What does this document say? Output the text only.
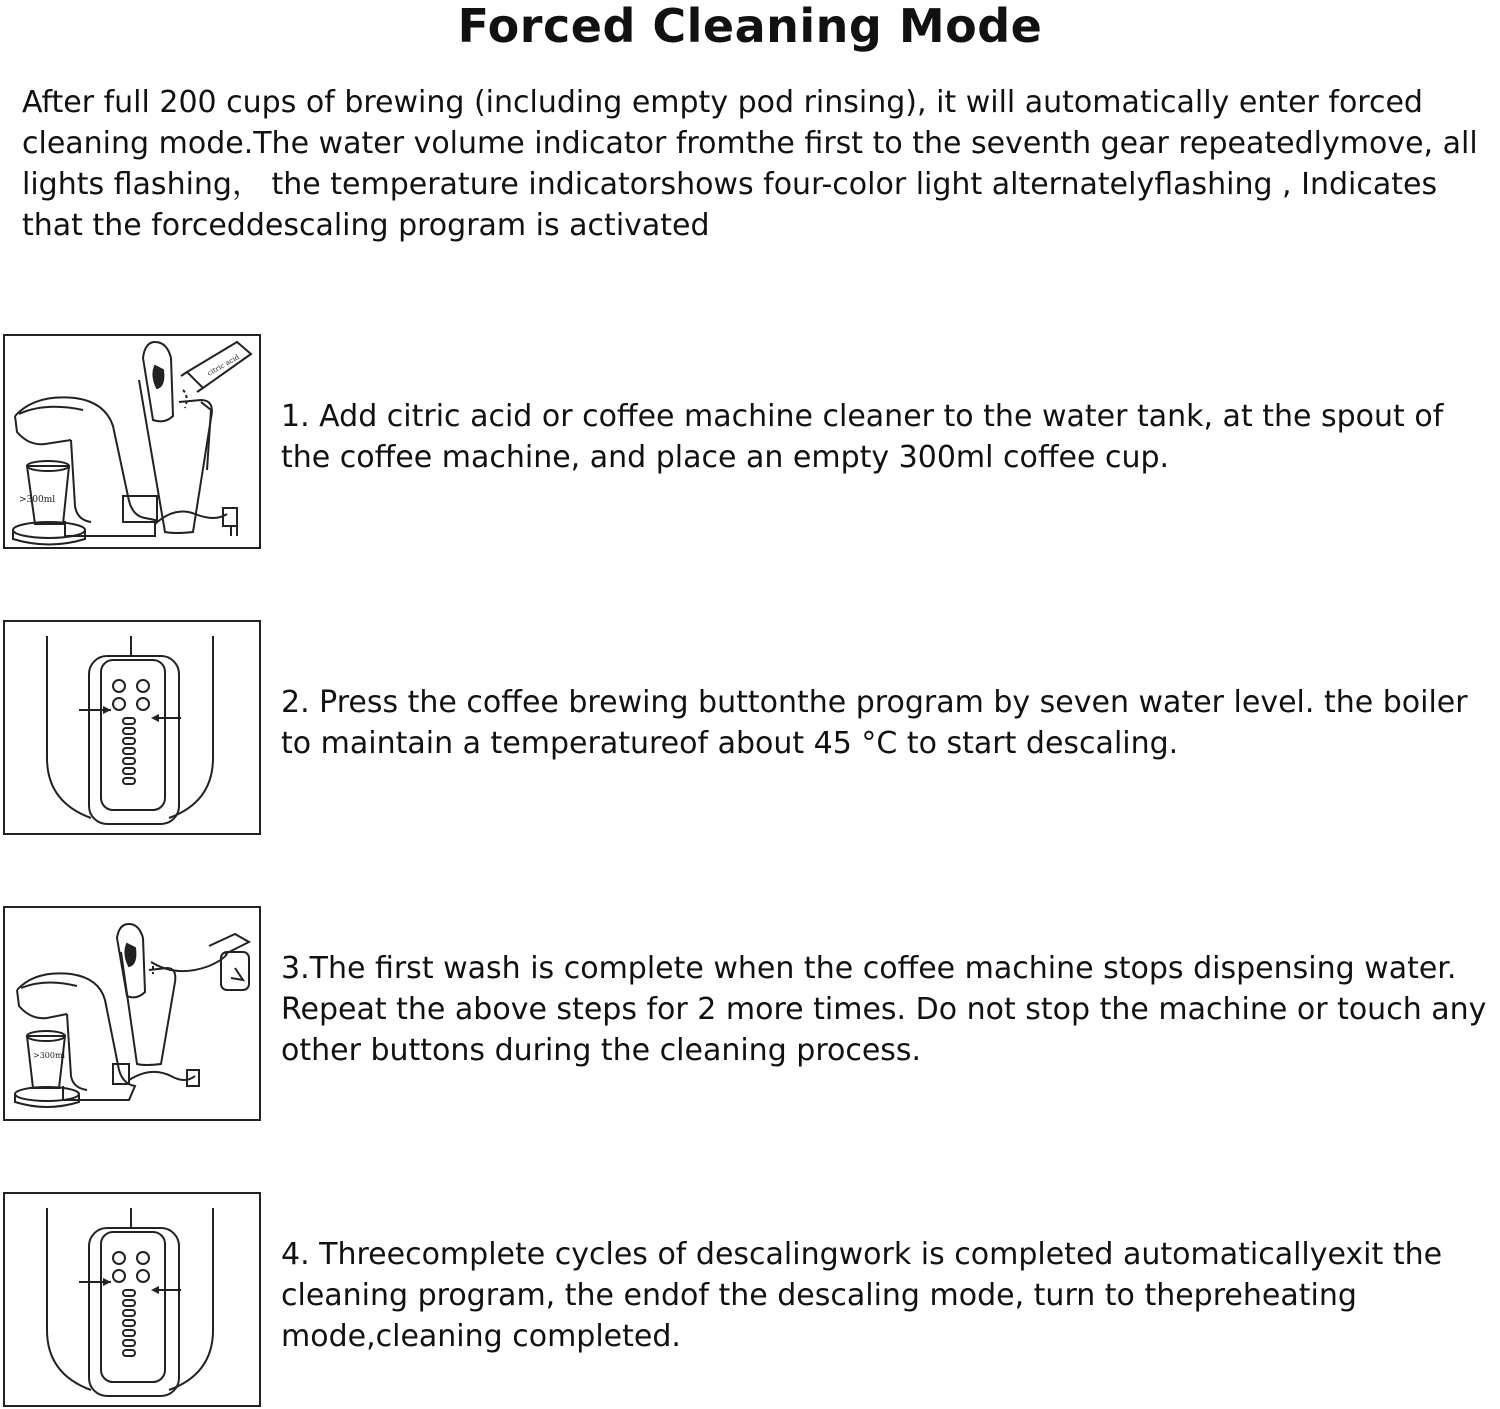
Forced Cleaning Mode
After full 200 cups of brewing (including empty pod rinsing), it will automatically enter forced cleaning mode.The water volume indicator fromthe first to the seventh gear repeatedlymove, all lights flashing， the temperature indicatorshows four-color light alternatelyflashing , Indicates that the forceddescaling program is activated
>300ml
citric acid
1. Add citric acid or coffee machine cleaner to the water tank, at the spout of the coffee machine, and place an empty 300ml coffee cup.
2. Press the coffee brewing buttonthe program by seven water level. the boiler to maintain a temperatureof about 45 °C to start descaling.
>300ml
3.The first wash is complete when the coffee machine stops dispensing water. Repeat the above steps for 2 more times. Do not stop the machine or touch any other buttons during the cleaning process.
4. Threecomplete cycles of descalingwork is completed automaticallyexit the cleaning program, the endof the descaling mode, turn to thepreheating mode,cleaning completed.
